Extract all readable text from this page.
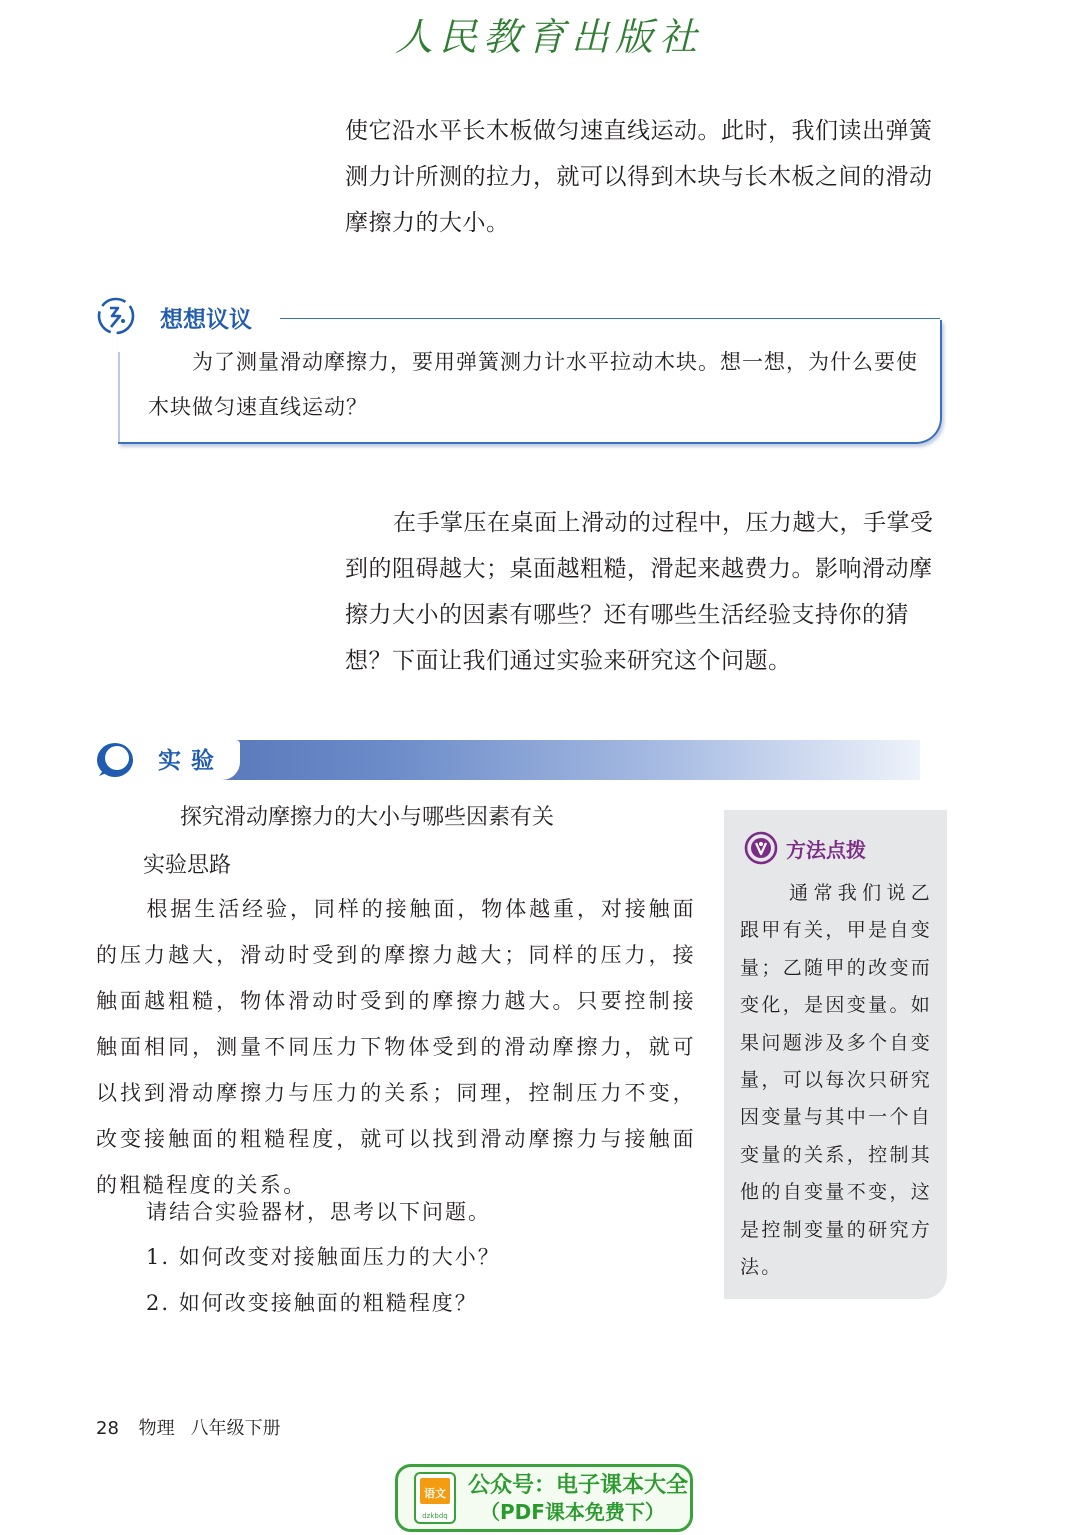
人民教育出版社
使它沿水平长木板做匀速直线运动。此时，我们读出弹簧测力计所测的拉力，就可以得到木块与长木板之间的滑动摩擦力的大小。
想想议议
为了测量滑动摩擦力，要用弹簧测力计水平拉动木块。想一想，为什么要使木块做匀速直线运动？
在手掌压在桌面上滑动的过程中，压力越大，手掌受到的阻碍越大；桌面越粗糙，滑起来越费力。影响滑动摩擦力大小的因素有哪些？还有哪些生活经验支持你的猜想？下面让我们通过实验来研究这个问题。
实验
探究滑动摩擦力的大小与哪些因素有关
实验思路
根据生活经验，同样的接触面，物体越重，对接触面的压力越大，滑动时受到的摩擦力越大；同样的压力，接触面越粗糙，物体滑动时受到的摩擦力越大。只要控制接触面相同，测量不同压力下物体受到的滑动摩擦力，就可以找到滑动摩擦力与压力的关系；同理，控制压力不变，改变接触面的粗糙程度，就可以找到滑动摩擦力与接触面的粗糙程度的关系。
请结合实验器材，思考以下问题。
1. 如何改变对接触面压力的大小？
2. 如何改变接触面的粗糙程度？
方法点拨
通常我们说乙跟甲有关，甲是自变量；乙随甲的改变而变化，是因变量。如果问题涉及多个自变量，可以每次只研究因变量与其中一个自变量的关系，控制其他的自变量不变，这是控制变量的研究方法。
28 物理 八年级下册
语文
dzkbdq
公众号：电子课本大全
（PDF课本免费下）
